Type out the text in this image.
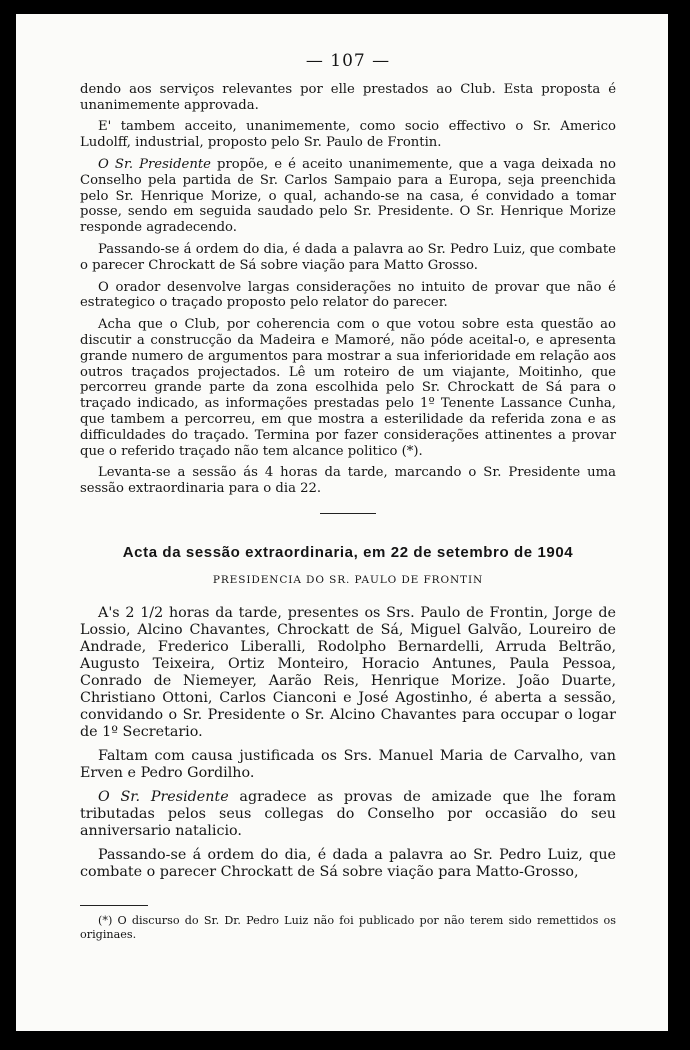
— 107 —

dendo aos serviços relevantes por elle prestados ao Club. Esta proposta é unanimemente approvada.

E' tambem acceito, unanimemente, como socio effectivo o Sr. Americo Ludolff, industrial, proposto pelo Sr. Paulo de Frontin.

O Sr. Presidente propõe, e é aceito unanimemente, que a vaga deixada no Conselho pela partida de Sr. Carlos Sampaio para a Europa, seja preenchida pelo Sr. Henrique Morize, o qual, achando-se na casa, é convidado a tomar posse, sendo em seguida saudado pelo Sr. Presidente. O Sr. Henrique Morize responde agradecendo.

Passando-se á ordem do dia, é dada a palavra ao Sr. Pedro Luiz, que combate o parecer Chrockatt de Sá sobre viação para Matto Grosso.

O orador desenvolve largas considerações no intuito de provar que não é estrategico o traçado proposto pelo relator do parecer.

Acha que o Club, por coherencia com o que votou sobre esta questão ao discutir a construcção da Madeira e Mamoré, não póde aceital-o, e apresenta grande numero de argumentos para mostrar a sua inferioridade em relação aos outros traçados projectados. Lê um roteiro de um viajante, Moitinho, que percorreu grande parte da zona escolhida pelo Sr. Chrockatt de Sá para o traçado indicado, as informações prestadas pelo 1º Tenente Lassance Cunha, que tambem a percorreu, em que mostra a esterilidade da referida zona e as difficuldades do traçado. Termina por fazer considerações attinentes a provar que o referido traçado não tem alcance politico (*).

Levanta-se a sessão ás 4 horas da tarde, marcando o Sr. Presidente uma sessão extraordinaria para o dia 22.

Acta da sessão extraordinaria, em 22 de setembro de 1904
PRESIDENCIA DO SR. PAULO DE FRONTIN

A's 2 1/2 horas da tarde, presentes os Srs. Paulo de Frontin, Jorge de Lossio, Alcino Chavantes, Chrockatt de Sá, Miguel Galvão, Loureiro de Andrade, Frederico Liberalli, Rodolpho Bernardelli, Arruda Beltrão, Augusto Teixeira, Ortiz Monteiro, Horacio Antunes, Paula Pessoa, Conrado de Niemeyer, Aarão Reis, Henrique Morize. João Duarte, Christiano Ottoni, Carlos Cianconi e José Agostinho, é aberta a sessão, convidando o Sr. Presidente o Sr. Alcino Chavantes para occupar o logar de 1º Secretario.

Faltam com causa justificada os Srs. Manuel Maria de Carvalho, van Erven e Pedro Gordilho.

O Sr. Presidente agradece as provas de amizade que lhe foram tributadas pelos seus collegas do Conselho por occasião do seu anniversario natalicio.

Passando-se á ordem do dia, é dada a palavra ao Sr. Pedro Luiz, que combate o parecer Chrockatt de Sá sobre viação para Matto-Grosso,

(*) O discurso do Sr. Dr. Pedro Luiz não foi publicado por não terem sido remettidos os originaes.
